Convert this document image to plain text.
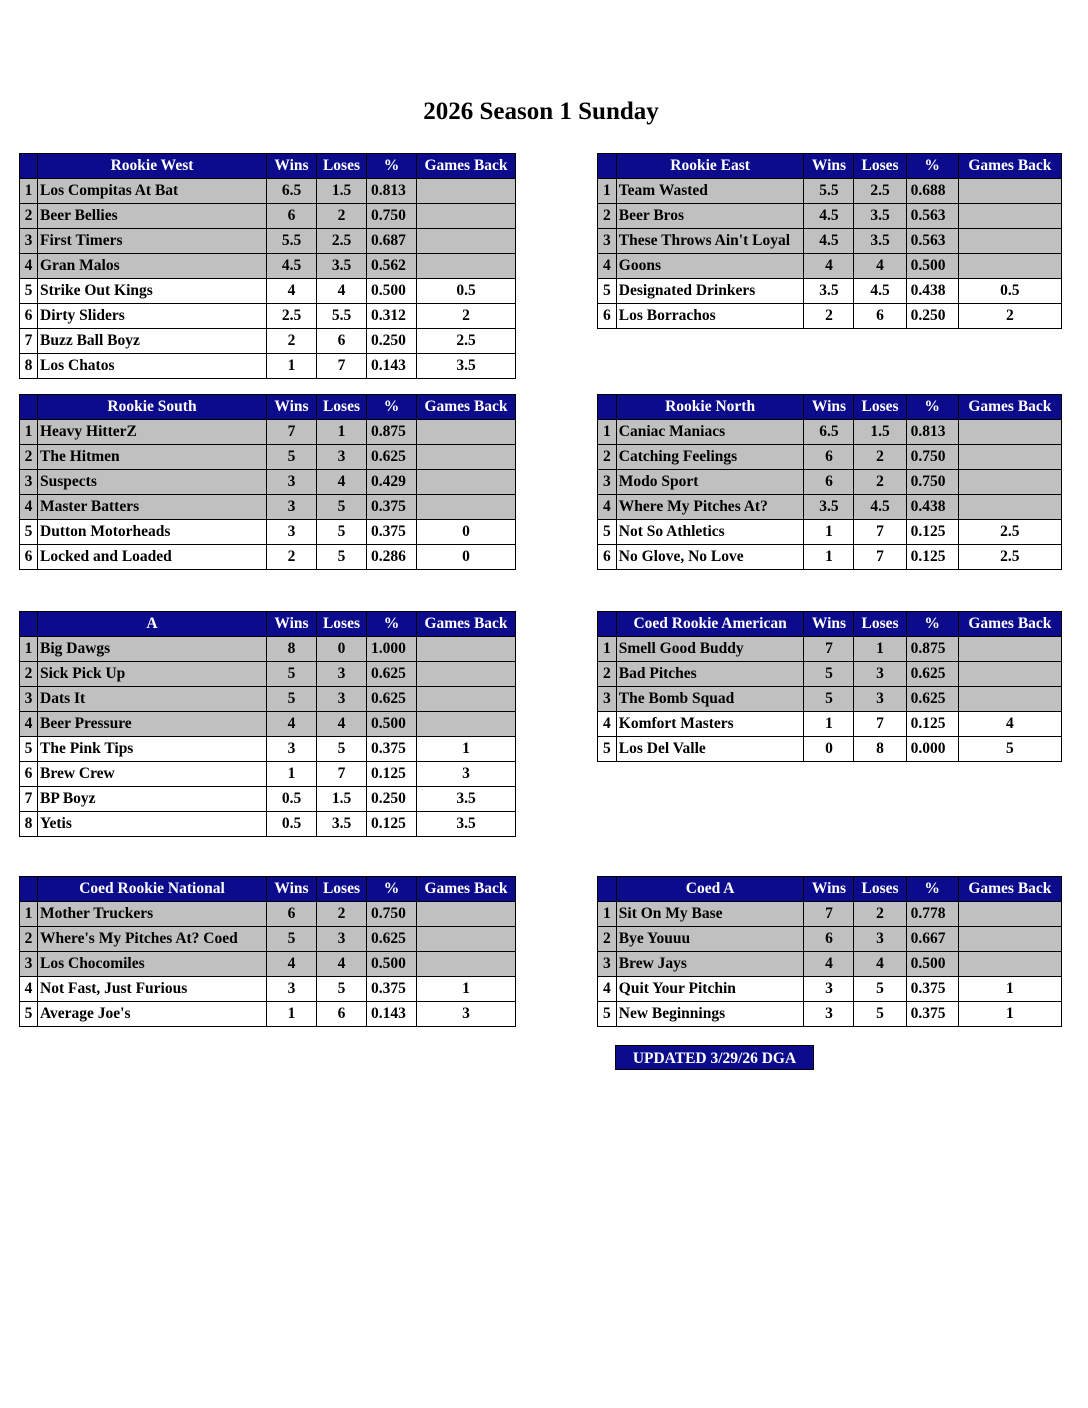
2026 Season 1 Sunday
	Rookie West	Wins	Loses	%	Games Back
1	Los Compitas At Bat	6.5	1.5	0.813	
2	Beer Bellies	6	2	0.750	
3	First Timers	5.5	2.5	0.687	
4	Gran Malos	4.5	3.5	0.562	
5	Strike Out Kings	4	4	0.500	0.5
6	Dirty Sliders	2.5	5.5	0.312	2
7	Buzz Ball Boyz	2	6	0.250	2.5
8	Los Chatos	1	7	0.143	3.5
	Rookie East	Wins	Loses	%	Games Back
1	Team Wasted	5.5	2.5	0.688	
2	Beer Bros	4.5	3.5	0.563	
3	These Throws Ain't Loyal	4.5	3.5	0.563	
4	Goons	4	4	0.500	
5	Designated Drinkers	3.5	4.5	0.438	0.5
6	Los Borrachos	2	6	0.250	2
	Rookie South	Wins	Loses	%	Games Back
1	Heavy HitterZ	7	1	0.875	
2	The Hitmen	5	3	0.625	
3	Suspects	3	4	0.429	
4	Master Batters	3	5	0.375	
5	Dutton Motorheads	3	5	0.375	0
6	Locked and Loaded	2	5	0.286	0
	Rookie North	Wins	Loses	%	Games Back
1	Caniac Maniacs	6.5	1.5	0.813	
2	Catching Feelings	6	2	0.750	
3	Modo Sport	6	2	0.750	
4	Where My Pitches At?	3.5	4.5	0.438	
5	Not So Athletics	1	7	0.125	2.5
6	No Glove, No Love	1	7	0.125	2.5
	A	Wins	Loses	%	Games Back
1	Big Dawgs	8	0	1.000	
2	Sick Pick Up	5	3	0.625	
3	Dats It	5	3	0.625	
4	Beer Pressure	4	4	0.500	
5	The Pink Tips	3	5	0.375	1
6	Brew Crew	1	7	0.125	3
7	BP Boyz	0.5	1.5	0.250	3.5
8	Yetis	0.5	3.5	0.125	3.5
	Coed Rookie American	Wins	Loses	%	Games Back
1	Smell Good Buddy	7	1	0.875	
2	Bad Pitches	5	3	0.625	
3	The Bomb Squad	5	3	0.625	
4	Komfort Masters	1	7	0.125	4
5	Los Del Valle	0	8	0.000	5
	Coed Rookie National	Wins	Loses	%	Games Back
1	Mother Truckers	6	2	0.750	
2	Where's My Pitches At? Coed	5	3	0.625	
3	Los Chocomiles	4	4	0.500	
4	Not Fast, Just Furious	3	5	0.375	1
5	Average Joe's	1	6	0.143	3
	Coed A	Wins	Loses	%	Games Back
1	Sit On My Base	7	2	0.778	
2	Bye Youuu	6	3	0.667	
3	Brew Jays	4	4	0.500	
4	Quit Your Pitchin	3	5	0.375	1
5	New Beginnings	3	5	0.375	1
UPDATED 3/29/26 DGA
